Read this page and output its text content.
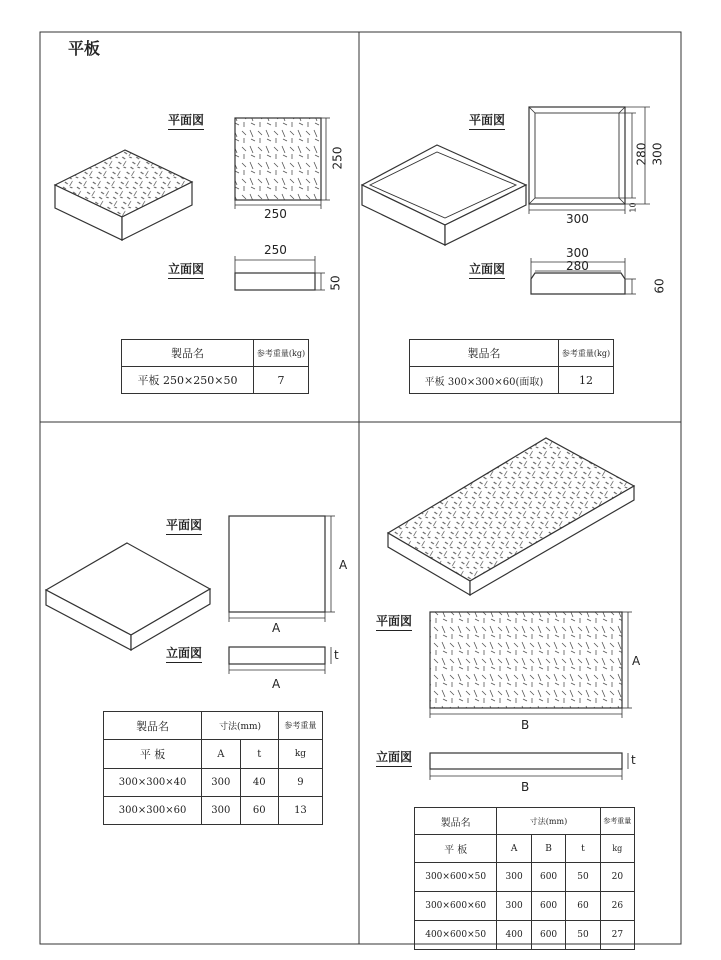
平板
平面図
立面図
平面図
立面図
平面図
立面図
平面図
立面図
250
250
250
50
300
280 300
10
300
280
60
A
A
A
t
B
A
B
t
製品名	参考重量(kg)
平板 250×250×50	7
製品名	参考重量(kg)
平板 300×300×60(面取)	12
製品名	寸法(mm)		参考重量
平 板	A	t	kg
300×300×40	300	40	9
300×300×60	300	60	13
製品名	寸法(mm)			参考重量
平 板	A	B	t	kg
300×600×50	300	600	50	20
300×600×60	300	600	60	26
400×600×50	400	600	50	27
